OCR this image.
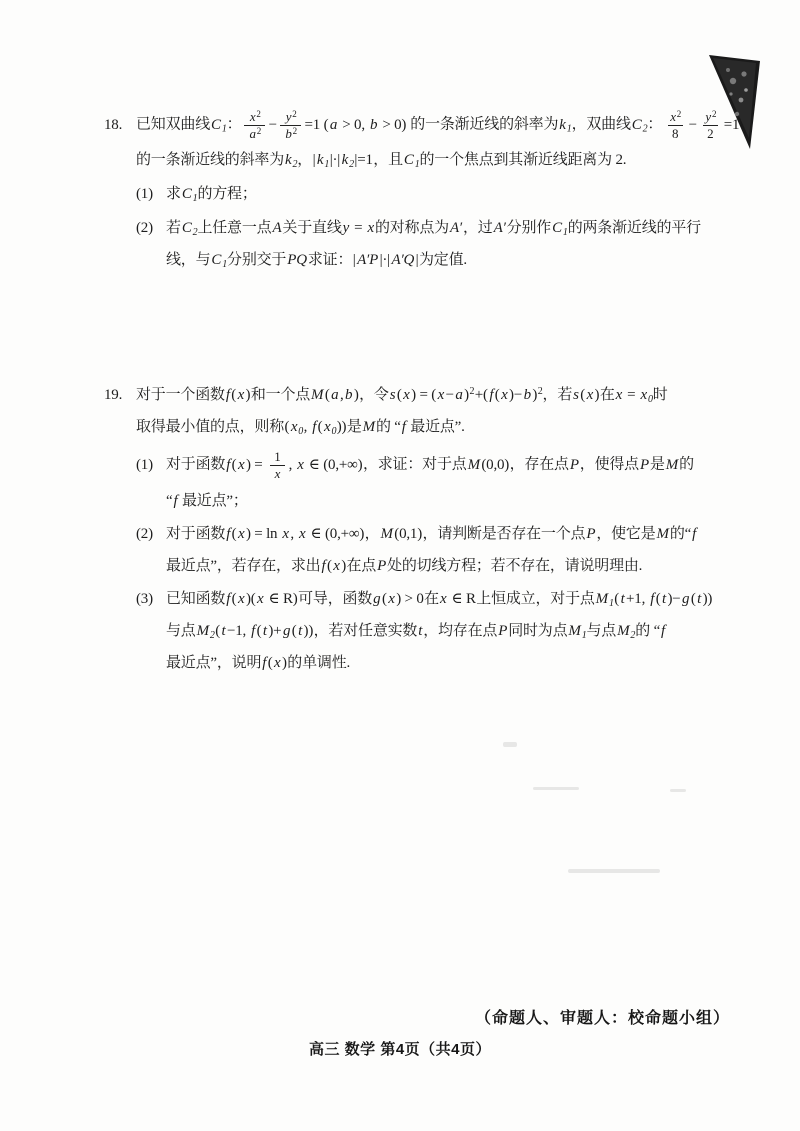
18. 已知双曲线$C_1$： $\frac{x^2}{a^2} - \frac{y^2}{b^2} =1$ ( a > 0, b > 0) 的一条渐近线的斜率为$k_1$，双曲线$C_2$： $\frac{x^2}{8} - \frac{y^2}{2} =1$
的一条渐近线的斜率为$k_2$，| $k_1|\cdot|$ $k_2|=1$，且$C_1$的一个焦点到其渐近线距离为 2.
(1) 求$C_1$的方程；
(2) 若$C_2$上任意一点A关于直线y = x的对称点为A′，过A′分别作$C_1$的两条渐近线的平行
线，与$C_1$分别交于PQ求证：| A′P |·| A′Q |为定值.
19. 对于一个函数f ( x )和一个点M ( a , b )，令s ( x ) = ( x − a )$^2$+( f ( x )− b )$^2$，若s ( x )在$x = x_0$时
取得最小值的点，则称( $x_0$, f ( $x_0$))是M的 “f 最近点”.
(1) 对于函数f ( x ) = $\frac{1}{x}$ , x ∈ (0,+∞)，求证：对于点M (0,0)，存在点P，使得点P是M的
“f 最近点”；
(2) 对于函数f ( x ) = ln x , x ∈ (0,+∞)，M (0,1)，请判断是否存在一个点P，使它是M的“f
最近点”，若存在，求出f ( x )在点P处的切线方程；若不存在，请说明理由.
(3) 已知函数f ( x )( x ∈ R)可导，函数g ( x ) > 0在x ∈ R上恒成立，对于点$M_1$( t +1, f ( t )− g ( t ))
与点$M_2$( t −1, f ( t )+ g ( t ))，若对任意实数t，均存在点P同时为点$M_1$与点$M_2$的 “f
最近点”，说明f ( x )的单调性.
（命题人、审题人：校命题小组）
高三 数学 第4页（共4页）
